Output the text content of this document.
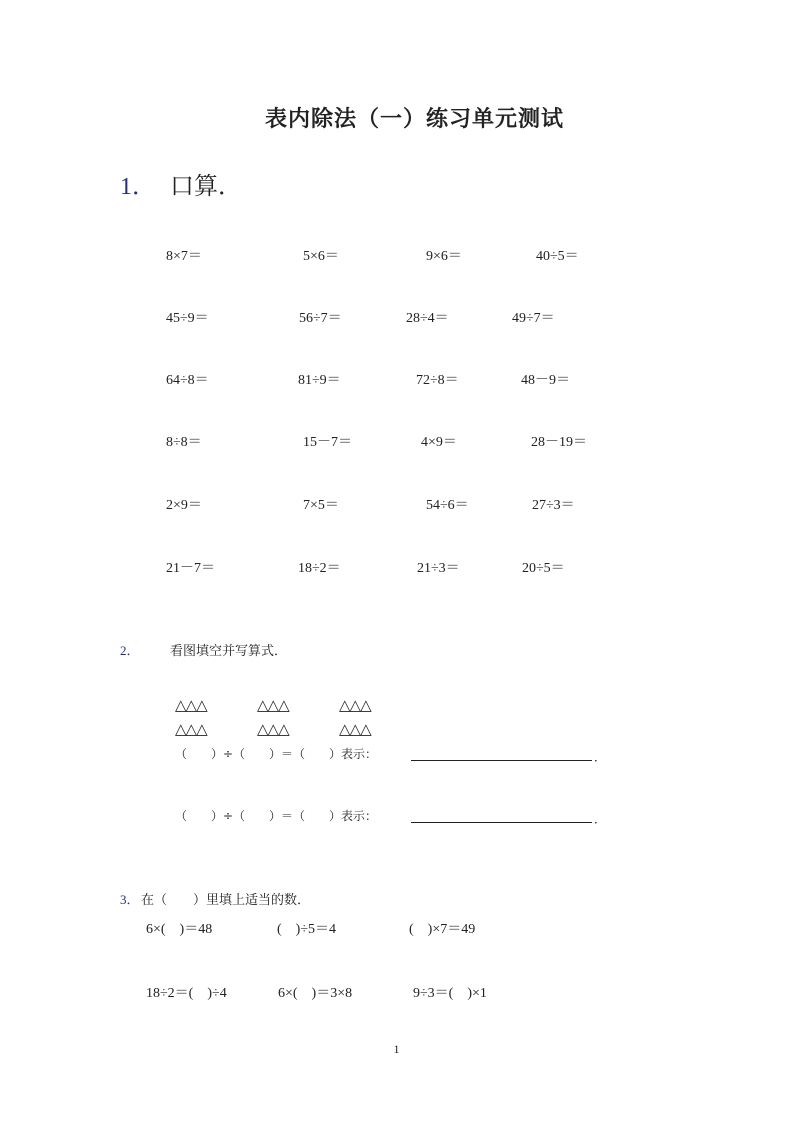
表内除法（一）练习单元测试
1． 口算．
8×7＝	5×6＝	9×6＝	40÷5＝
45÷9＝	56÷7＝	28÷4＝	49÷7＝
64÷8＝	81÷9＝	72÷8＝	48－9＝
8÷8＝	15－7＝	4×9＝	28－19＝
2×9＝	7×5＝	54÷6＝	27÷3＝
21－7＝	18÷2＝	21÷3＝	20÷5＝
2． 看图填空并写算式．
△△△	△△△	△△△
△△△	△△△	△△△
（　　）÷（　　）＝（　　）表示：	．
（　　）÷（　　）＝（　　）表示：	．
3． 在（　　）里填上适当的数．
6×(　)＝48	(　)÷5＝4	(　)×7＝49
18÷2＝(　)÷4	6×(　)＝3×8	9÷3＝(　)×1
1
